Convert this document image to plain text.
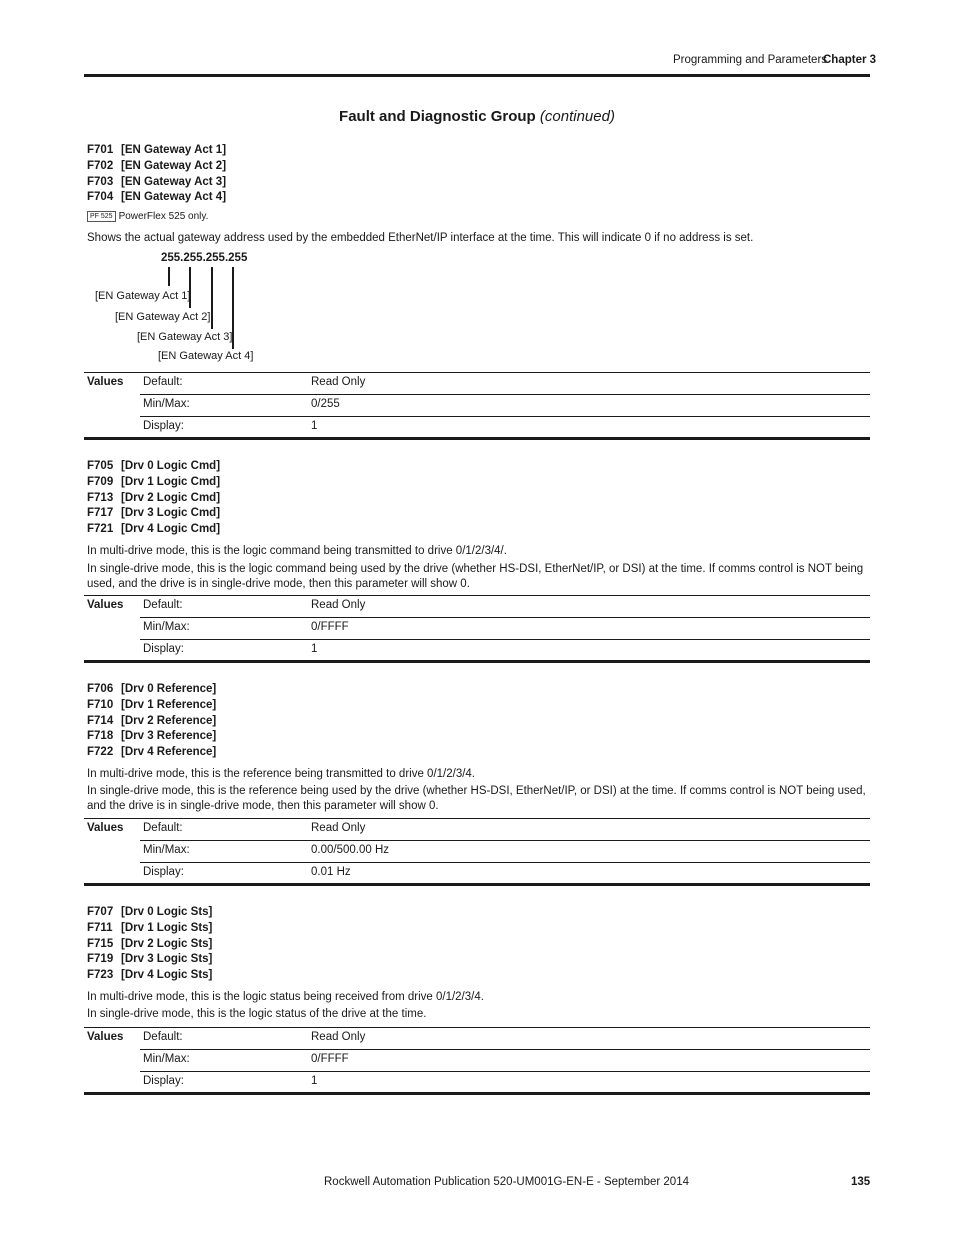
Programming and Parameters
Chapter 3
Fault and Diagnostic Group (continued)
F701 [EN Gateway Act 1]
F702 [EN Gateway Act 2]
F703 [EN Gateway Act 3]
F704 [EN Gateway Act 4]
PF 525 PowerFlex 525 only.
Shows the actual gateway address used by the embedded EtherNet/IP interface at the time. This will indicate 0 if no address is set.
255.255.255.255
[EN Gateway Act 1]
[EN Gateway Act 2]
[EN Gateway Act 3]
[EN Gateway Act 4]
Values Default:	Read Only
Min/Max:	0/255
Display:	1
F705 [Drv 0 Logic Cmd]
F709 [Drv 1 Logic Cmd]
F713 [Drv 2 Logic Cmd]
F717 [Drv 3 Logic Cmd]
F721 [Drv 4 Logic Cmd]
In multi-drive mode, this is the logic command being transmitted to drive 0/1/2/3/4/.
In single-drive mode, this is the logic command being used by the drive (whether HS-DSI, EtherNet/IP, or DSI) at the time. If comms control is NOT being used, and the drive is in single-drive mode, then this parameter will show 0.
Values Default:	Read Only
Min/Max:	0/FFFF
Display:	1
F706 [Drv 0 Reference]
F710 [Drv 1 Reference]
F714 [Drv 2 Reference]
F718 [Drv 3 Reference]
F722 [Drv 4 Reference]
In multi-drive mode, this is the reference being transmitted to drive 0/1/2/3/4.
In single-drive mode, this is the reference being used by the drive (whether HS-DSI, EtherNet/IP, or DSI) at the time. If comms control is NOT being used, and the drive is in single-drive mode, then this parameter will show 0.
Values Default:	Read Only
Min/Max:	0.00/500.00 Hz
Display:	0.01 Hz
F707 [Drv 0 Logic Sts]
F711 [Drv 1 Logic Sts]
F715 [Drv 2 Logic Sts]
F719 [Drv 3 Logic Sts]
F723 [Drv 4 Logic Sts]
In multi-drive mode, this is the logic status being received from drive 0/1/2/3/4.
In single-drive mode, this is the logic status of the drive at the time.
Values Default:	Read Only
Min/Max:	0/FFFF
Display:	1
Rockwell Automation Publication 520-UM001G-EN-E - September 2014	135
